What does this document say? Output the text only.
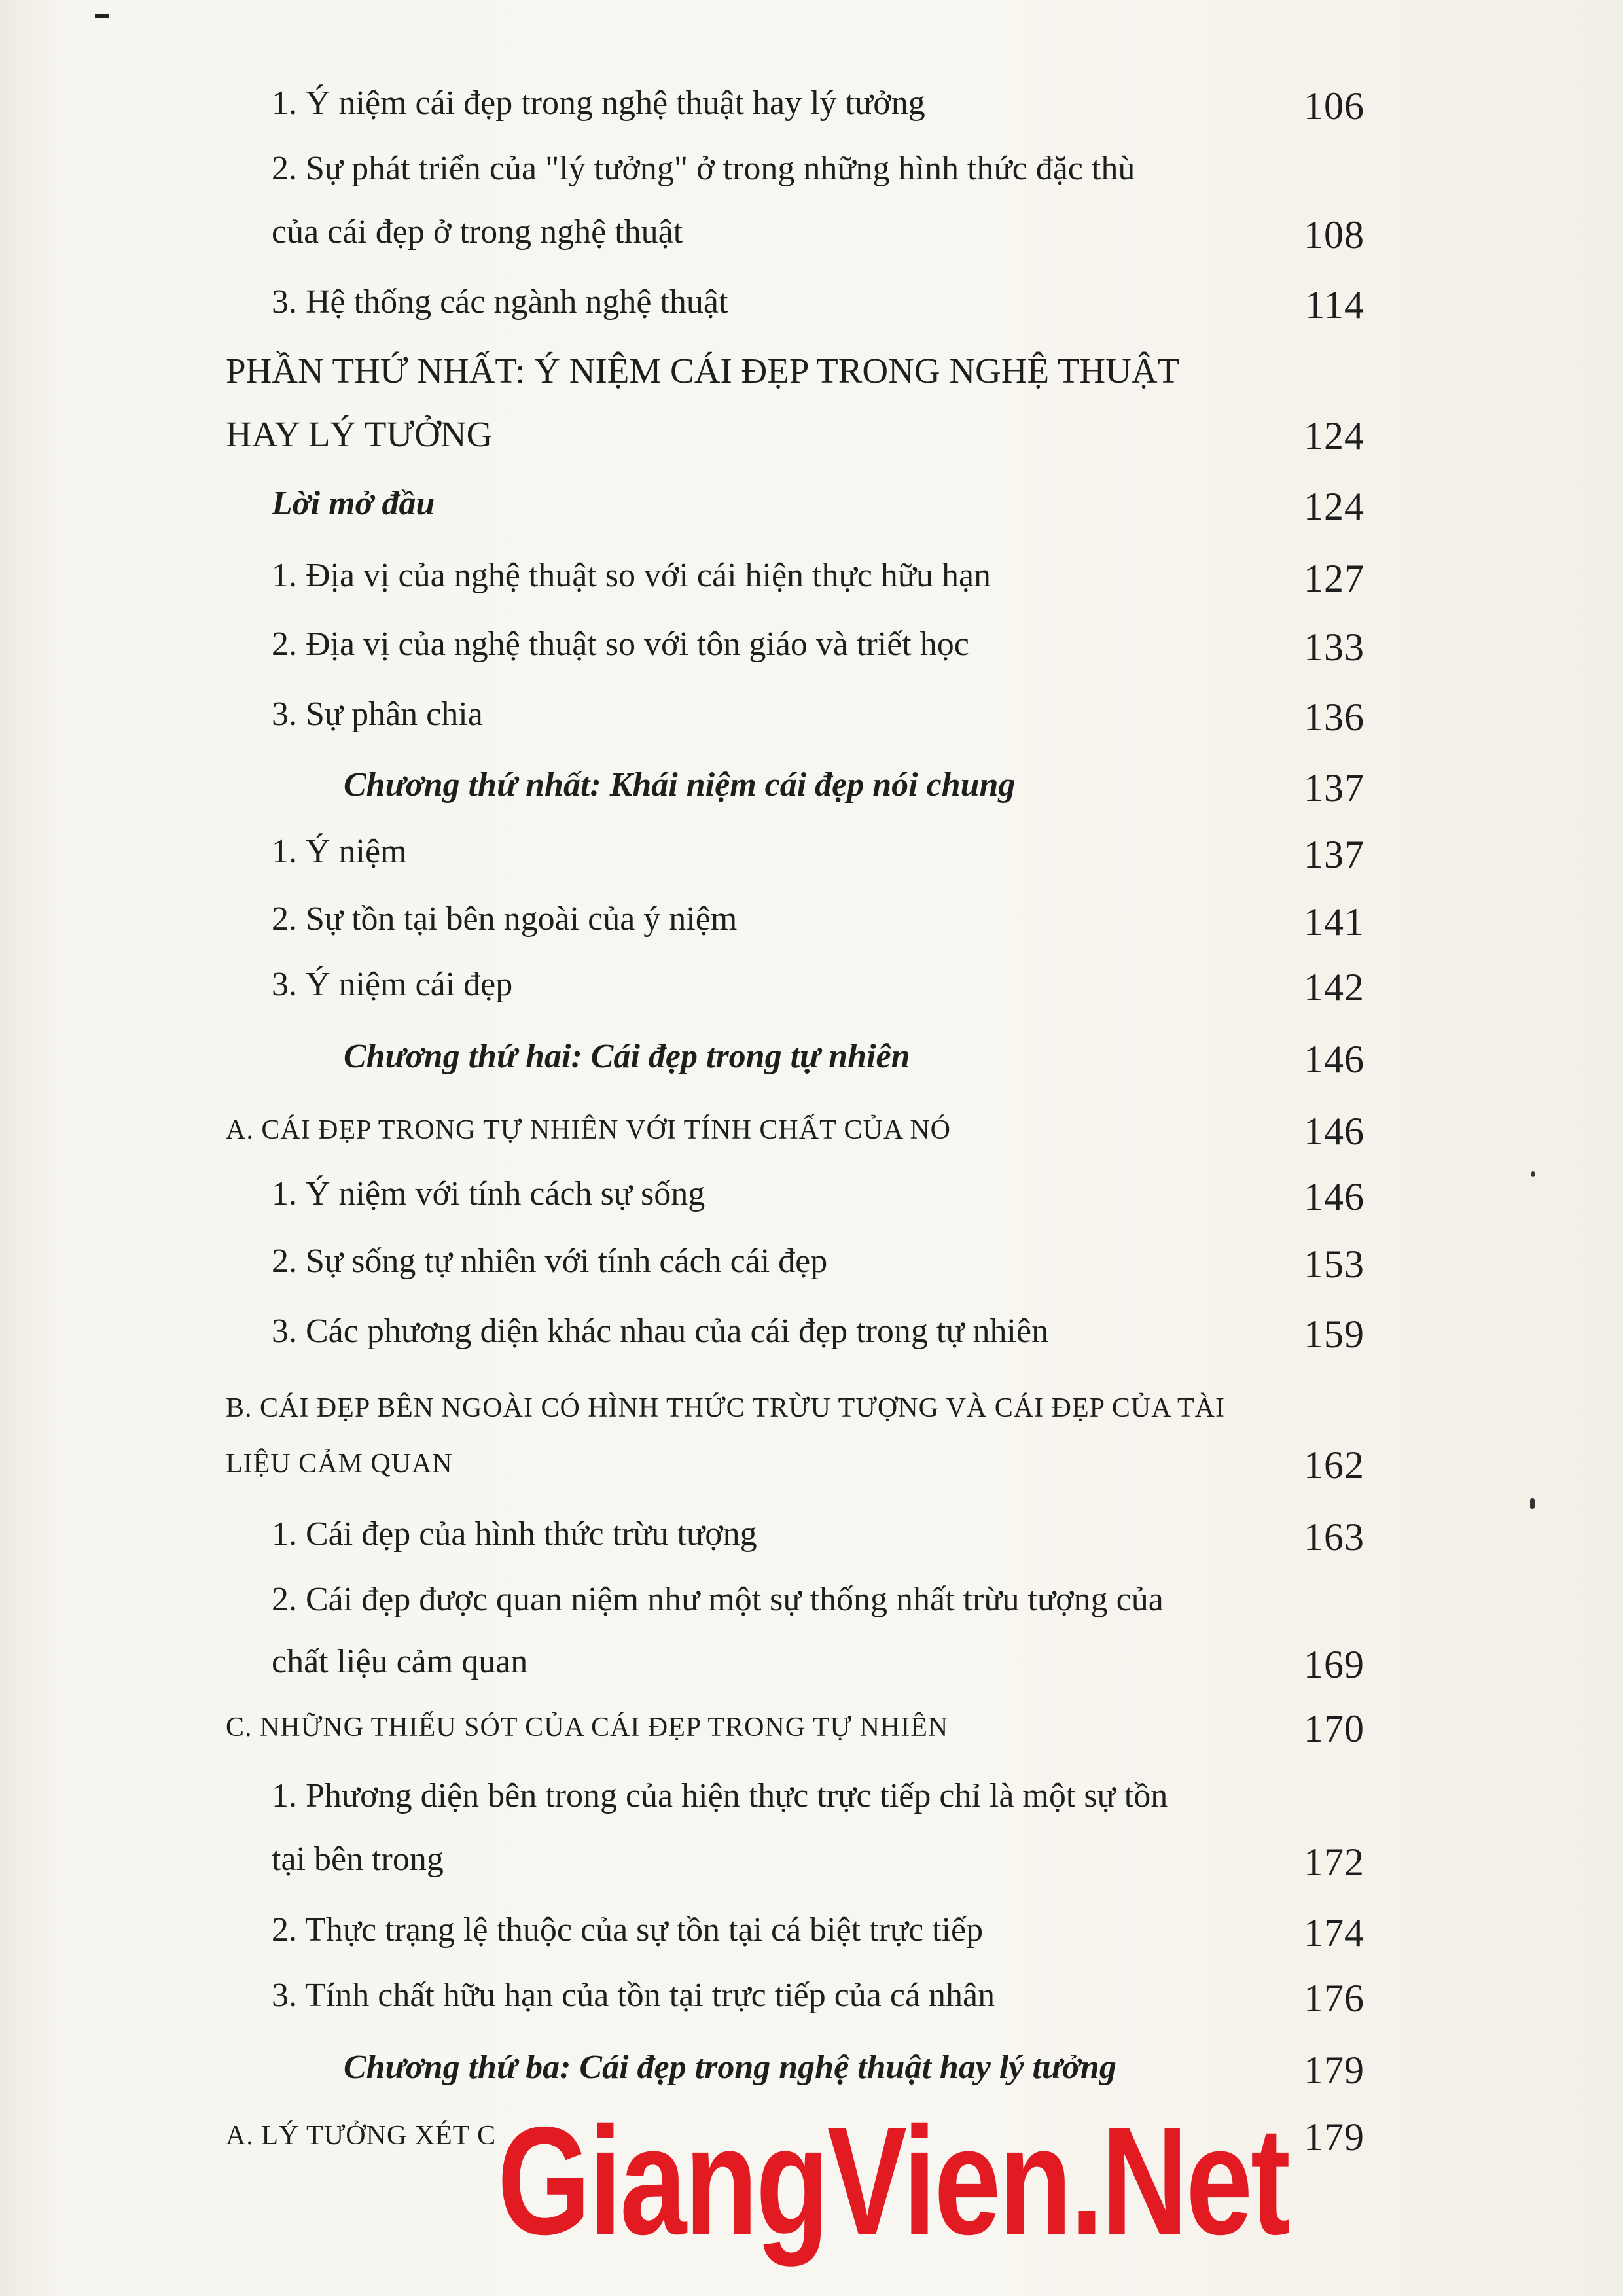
1. Ý niệm cái đẹp trong nghệ thuật hay lý tưởng	106
2. Sự phát triển của "lý tưởng" ở trong những hình thức đặc thù
của cái đẹp ở trong nghệ thuật	108
3. Hệ thống các ngành nghệ thuật	114
PHẦN THỨ NHẤT: Ý NIỆM CÁI ĐẸP TRONG NGHỆ THUẬT
HAY LÝ TƯỞNG	124
Lời mở đầu	124
1. Địa vị của nghệ thuật so với cái hiện thực hữu hạn	127
2. Địa vị của nghệ thuật so với tôn giáo và triết học	133
3. Sự phân chia	136
Chương thứ nhất: Khái niệm cái đẹp nói chung	137
1. Ý niệm	137
2. Sự tồn tại bên ngoài của ý niệm	141
3. Ý niệm cái đẹp	142
Chương thứ hai: Cái đẹp trong tự nhiên	146
A. CÁI ĐẸP TRONG TỰ NHIÊN VỚI TÍNH CHẤT CỦA NÓ	146
1. Ý niệm với tính cách sự sống	146
2. Sự sống tự nhiên với tính cách cái đẹp	153
3. Các phương diện khác nhau của cái đẹp trong tự nhiên	159
B. CÁI ĐẸP BÊN NGOÀI CÓ HÌNH THỨC TRỪU TƯỢNG VÀ CÁI ĐẸP CỦA TÀI
LIỆU CẢM QUAN	162
1. Cái đẹp của hình thức trừu tượng	163
2. Cái đẹp được quan niệm như một sự thống nhất trừu tượng của
chất liệu cảm quan	169
C. NHỮNG THIẾU SÓT CỦA CÁI ĐẸP TRONG TỰ NHIÊN	170
1. Phương diện bên trong của hiện thực trực tiếp chỉ là một sự tồn
tại bên trong	172
2. Thực trạng lệ thuộc của sự tồn tại cá biệt trực tiếp	174
3. Tính chất hữu hạn của tồn tại trực tiếp của cá nhân	176
Chương thứ ba: Cái đẹp trong nghệ thuật hay lý tưởng	179
A. LÝ TƯỞNG XÉT C	179
GiangVien.Net
